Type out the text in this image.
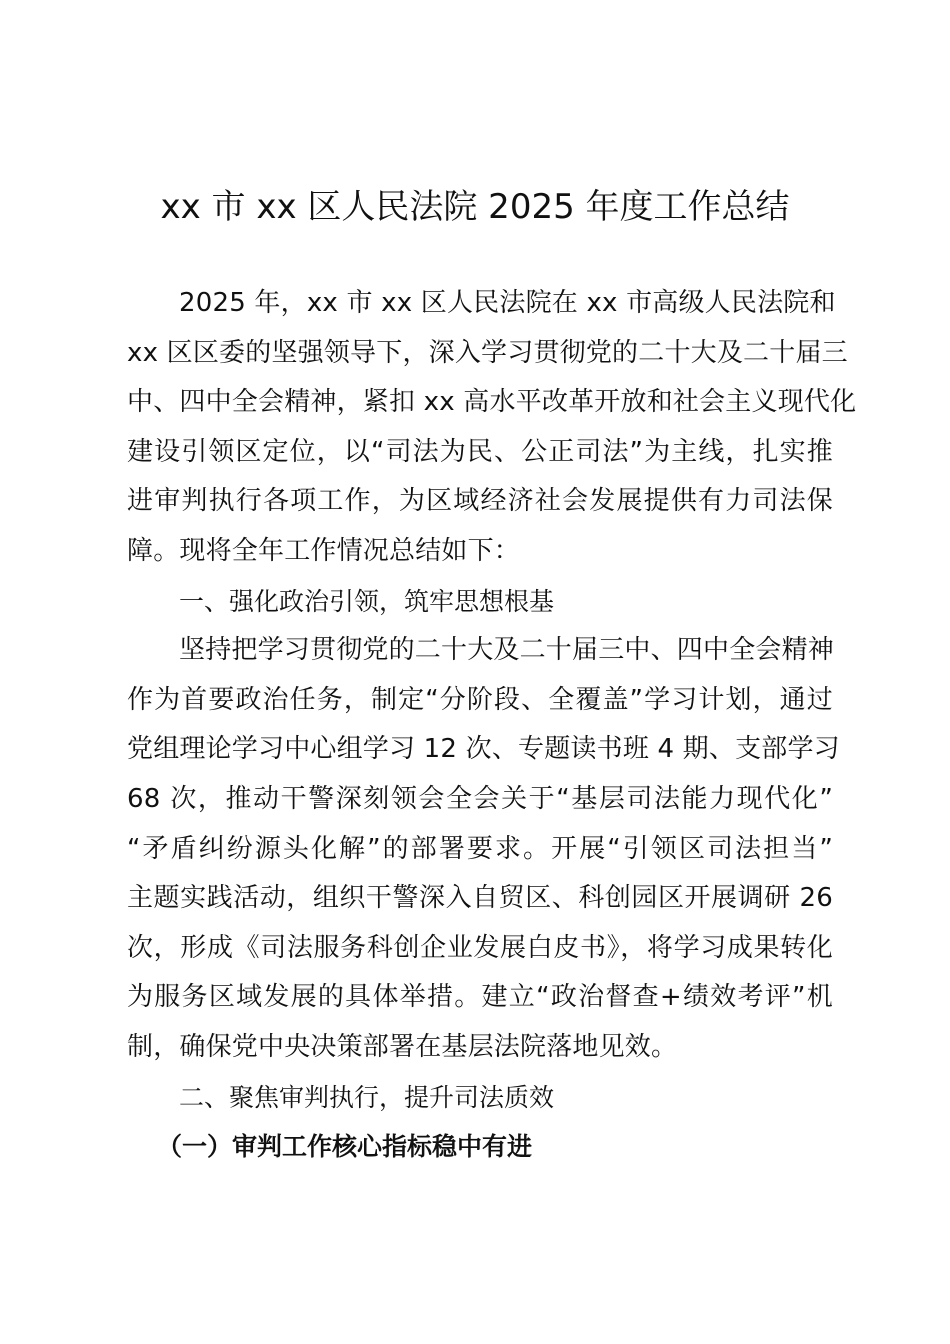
xx 市 xx 区人民法院 2025 年度工作总结

2025 年，xx 市 xx 区人民法院在 xx 市高级人民法院和
xx 区区委的坚强领导下，深入学习贯彻党的二十大及二十届三
中、四中全会精神，紧扣 xx 高水平改革开放和社会主义现代化
建设引领区定位，以“司法为民、公正司法”为主线，扎实推
进审判执行各项工作，为区域经济社会发展提供有力司法保
障。现将全年工作情况总结如下：

一、强化政治引领，筑牢思想根基

坚持把学习贯彻党的二十大及二十届三中、四中全会精神
作为首要政治任务，制定“分阶段、全覆盖”学习计划，通过
党组理论学习中心组学习 12 次、专题读书班 4 期、支部学习
68 次，推动干警深刻领会全会关于“基层司法能力现代化”
“矛盾纠纷源头化解”的部署要求。开展“引领区司法担当”
主题实践活动，组织干警深入自贸区、科创园区开展调研 26
次，形成《司法服务科创企业发展白皮书》，将学习成果转化
为服务区域发展的具体举措。建立“政治督查+绩效考评”机
制，确保党中央决策部署在基层法院落地见效。

二、聚焦审判执行，提升司法质效

（一）审判工作核心指标稳中有进
